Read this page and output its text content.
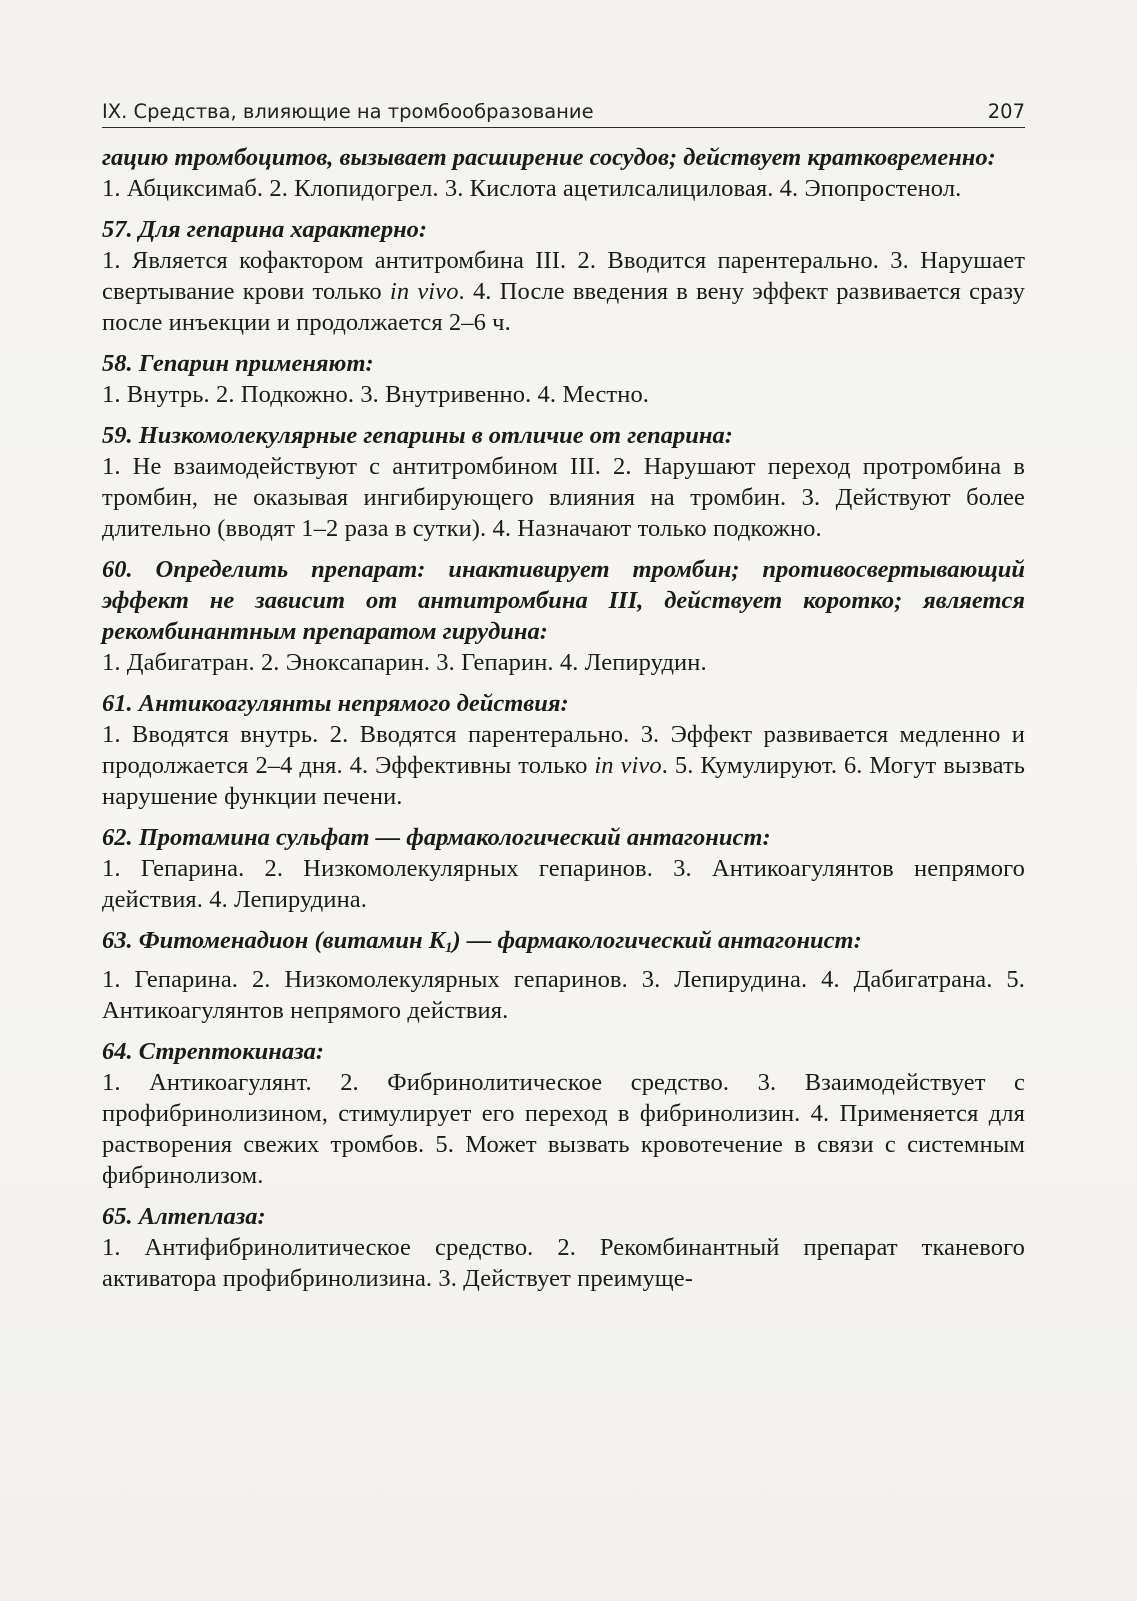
IX. Средства, влияющие на тромбообразование	207
гацию тромбоцитов, вызывает расширение сосудов; действует кратковременно:
1. Абциксимаб. 2. Клопидогрел. 3. Кислота ацетилсалициловая. 4. Эпопростенол.
57. Для гепарина характерно:
1. Является кофактором антитромбина III. 2. Вводится парентерально. 3. Нарушает свертывание крови только in vivo. 4. После введения в вену эффект развивается сразу после инъекции и продолжается 2–6 ч.
58. Гепарин применяют:
1. Внутрь. 2. Подкожно. 3. Внутривенно. 4. Местно.
59. Низкомолекулярные гепарины в отличие от гепарина:
1. Не взаимодействуют с антитромбином III. 2. Нарушают переход протромбина в тромбин, не оказывая ингибирующего влияния на тромбин. 3. Действуют более длительно (вводят 1–2 раза в сутки). 4. Назначают только подкожно.
60. Определить препарат: инактивирует тромбин; противосвертывающий эффект не зависит от антитромбина III, действует коротко; является рекомбинантным препаратом гирудина:
1. Дабигатран. 2. Эноксапарин. 3. Гепарин. 4. Лепирудин.
61. Антикоагулянты непрямого действия:
1. Вводятся внутрь. 2. Вводятся парентерально. 3. Эффект развивается медленно и продолжается 2–4 дня. 4. Эффективны только in vivo. 5. Кумулируют. 6. Могут вызвать нарушение функции печени.
62. Протамина сульфат — фармакологический антагонист:
1. Гепарина. 2. Низкомолекулярных гепаринов. 3. Антикоагулянтов непрямого действия. 4. Лепирудина.
63. Фитоменадион (витамин $K_1$) — фармакологический антагонист:
1. Гепарина. 2. Низкомолекулярных гепаринов. 3. Лепирудина. 4. Дабигатрана. 5. Антикоагулянтов непрямого действия.
64. Стрептокиназа:
1. Антикоагулянт. 2. Фибринолитическое средство. 3. Взаимодействует с профибринолизином, стимулирует его переход в фибринолизин. 4. Применяется для растворения свежих тромбов. 5. Может вызвать кровотечение в связи с системным фибринолизом.
65. Алтеплаза:
1. Антифибринолитическое средство. 2. Рекомбинантный препарат тканевого активатора профибринолизина. 3. Действует преимуще-
